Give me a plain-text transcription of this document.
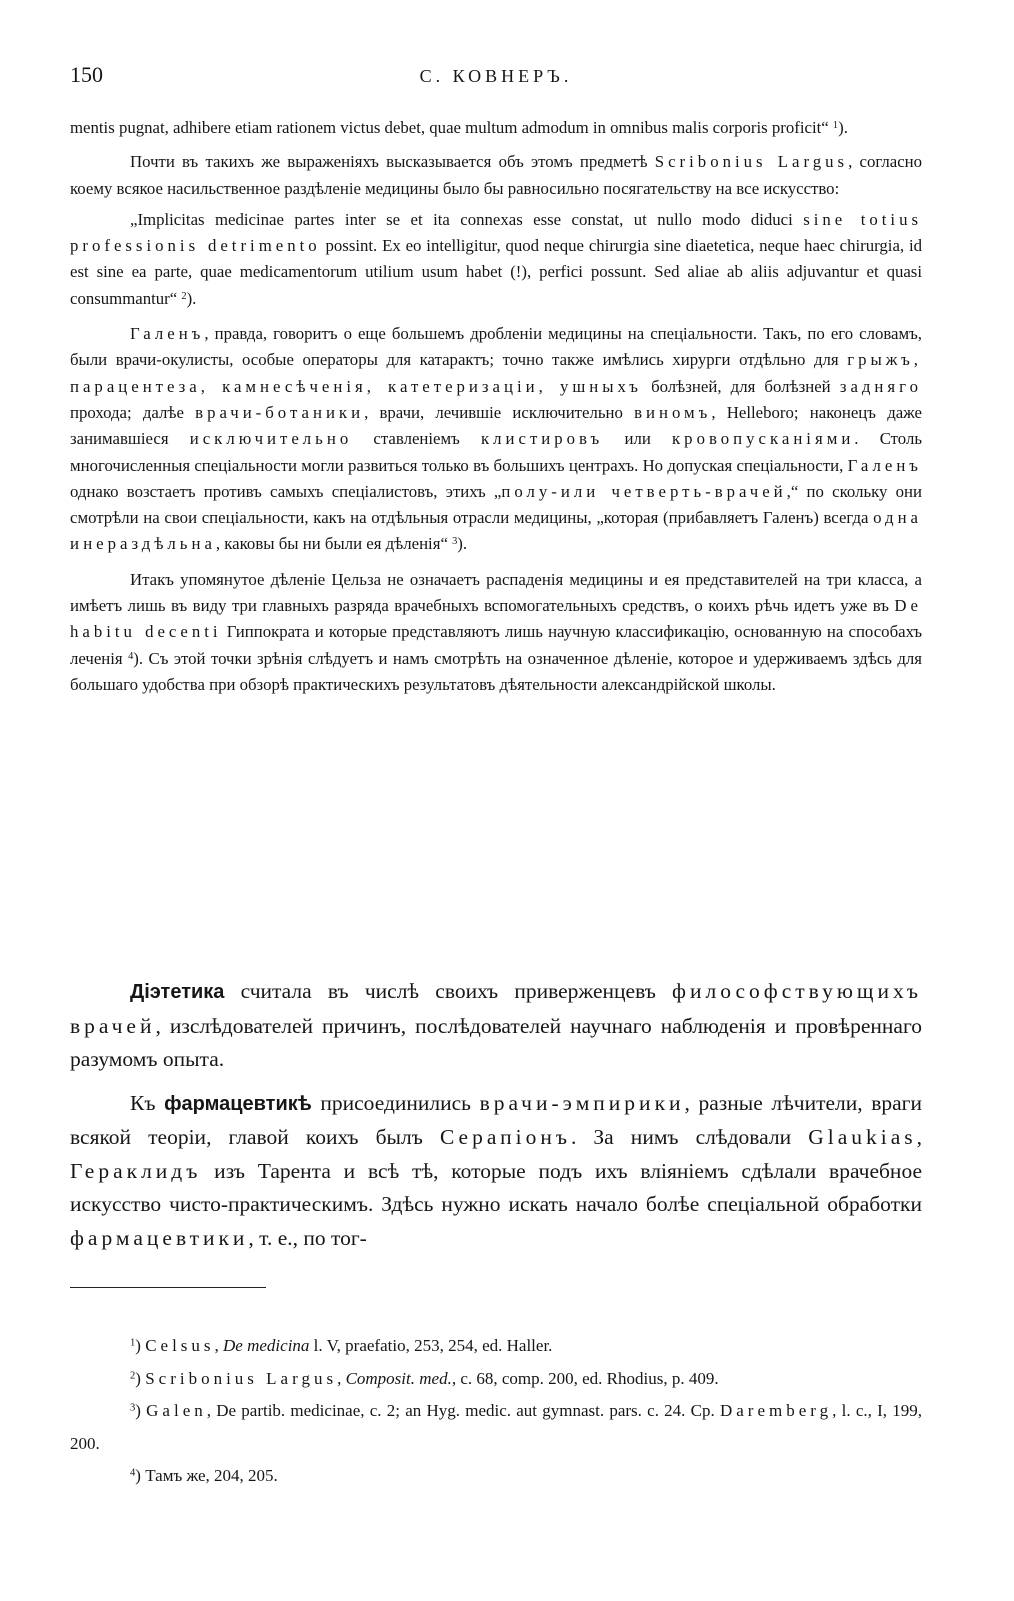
150	С. КОВНЕРЪ.

mentis pugnat, adhibere etiam rationem victus debet, quae multum admodum in omnibus malis corporis proficit“ $^1$).

Почти въ такихъ же выраженіяхъ высказывается объ этомъ предметѣ Scribonius Largus, согласно коему всякое насильственное раздѣленіе медицины было бы равносильно посягательству на все искусство:

„Implicitas medicinae partes inter se et ita connexas esse constat, ut nullo modo diduci sine totius professionis detrimento possint. Ex eo intelligitur, quod neque chirurgia sine diaetetica, neque haec chirurgia, id est sine ea parte, quae medicamentorum utilium usum habet (!), perfici possunt. Sed aliae ab aliis adjuvantur et quasi consummantur“ $^2$).

Галенъ, правда, говоритъ о еще большемъ дробленіи медицины на спеціальности. Такъ, по его словамъ, были врачи-окулисты, особые операторы для катарактъ; точно также имѣлись хирурги отдѣльно для грыжъ, парацентеза, камнесѣченія, катетеризаціи, ушныхъ болѣзней, для болѣзней задняго прохода; далѣе врачи-ботаники, врачи, лечившіе исключительно виномъ, Helleboro; наконецъ даже занимавшіеся исключительно ставленіемъ клистировъ или кровопусканіями. Столь многочисленныя спеціальности могли развиться только въ большихъ центрахъ. Но допуская спеціальности, Галенъ однако возстаетъ противъ самыхъ спеціалистовъ, этихъ „полу-или четверть-врачей,“ по скольку они смотрѣли на свои спеціальности, какъ на отдѣльныя отрасли медицины, „которая (прибавляетъ Галенъ) всегда одна и нераздѣльна, каковы бы ни были ея дѣленія“ $^3$).

Итакъ упомянутое дѣленіе Цельза не означаетъ распаденія медицины и ея представителей на три класса, а имѣетъ лишь въ виду три главныхъ разряда врачебныхъ вспомогательныхъ средствъ, о коихъ рѣчь идетъ уже въ De habitu decenti Гиппократа и которые представляютъ лишь научную классификацію, основанную на способахъ леченія $^4$). Съ этой точки зрѣнія слѣдуетъ и намъ смотрѣть на означенное дѣленіе, которое и удерживаемъ здѣсь для большаго удобства при обзорѣ практическихъ результатовъ дѣятельности александрійской школы.

Діэтетика считала въ числѣ своихъ приверженцевъ философствующихъ врачей, изслѣдователей причинъ, послѣдователей научнаго наблюденія и провѣреннаго разумомъ опыта.

Къ фармацевтикѣ присоединились врачи-эмпирики, разные лѣчители, враги всякой теоріи, главой коихъ былъ Серапіонъ. За нимъ слѣдовали Glaukias, Гераклидъ изъ Тарента и всѣ тѣ, которые подъ ихъ вліяніемъ сдѣлали врачебное искусство чисто-практическимъ. Здѣсь нужно искать начало болѣе спеціальной обработки фармацевтики, т. е., по тог-

$^1$) Celsus, De medicina l. V, praefatio, 253, 254, ed. Haller.

$^2$) Scribonius Largus, Composit. med., c. 68, comp. 200, ed. Rhodius, p. 409.

$^3$) Galen, De partib. medicinae, c. 2; an Hyg. medic. aut gymnast. pars. c. 24. Ср. Daremberg, l. c., I, 199, 200.

$^4$) Тамъ же, 204, 205.
